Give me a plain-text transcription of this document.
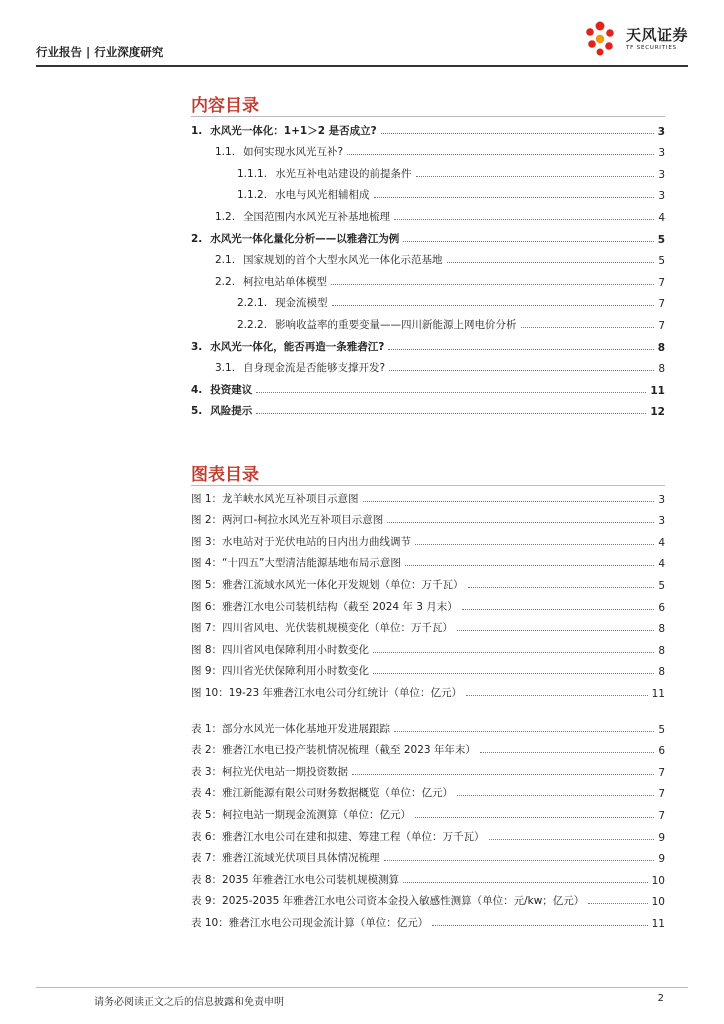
行业报告 | 行业深度研究
天风证券
TF SECURITIES
内容目录
1. 水风光一体化：1+1＞2 是否成立?	3
1.1. 如何实现水风光互补?	3
1.1.1. 水光互补电站建设的前提条件	3
1.1.2. 水电与风光相辅相成	3
1.2. 全国范围内水风光互补基地梳理	4
2. 水风光一体化量化分析——以雅砻江为例	5
2.1. 国家规划的首个大型水风光一体化示范基地	5
2.2. 柯拉电站单体模型	7
2.2.1. 现金流模型	7
2.2.2. 影响收益率的重要变量——四川新能源上网电价分析	7
3. 水风光一体化，能否再造一条雅砻江?	8
3.1. 自身现金流是否能够支撑开发?	8
4. 投资建议	11
5. 风险提示	12
图表目录
图 1：龙羊峡水风光互补项目示意图	3
图 2：两河口-柯拉水风光互补项目示意图	3
图 3：水电站对于光伏电站的日内出力曲线调节	4
图 4：“十四五”大型清洁能源基地布局示意图	4
图 5：雅砻江流域水风光一体化开发规划（单位：万千瓦）	5
图 6：雅砻江水电公司装机结构（截至 2024 年 3 月末）	6
图 7：四川省风电、光伏装机规模变化（单位：万千瓦）	8
图 8：四川省风电保障利用小时数变化	8
图 9：四川省光伏保障利用小时数变化	8
图 10：19-23 年雅砻江水电公司分红统计（单位：亿元）	11
表 1：部分水风光一体化基地开发进展跟踪	5
表 2：雅砻江水电已投产装机情况梳理（截至 2023 年年末）	6
表 3：柯拉光伏电站一期投资数据	7
表 4：雅江新能源有限公司财务数据概览（单位：亿元）	7
表 5：柯拉电站一期现金流测算（单位：亿元）	7
表 6：雅砻江水电公司在建和拟建、筹建工程（单位：万千瓦）	9
表 7：雅砻江流域光伏项目具体情况梳理	9
表 8：2035 年雅砻江水电公司装机规模测算	10
表 9：2025-2035 年雅砻江水电公司资本金投入敏感性测算（单位：元/kw；亿元）	10
表 10：雅砻江水电公司现金流计算（单位：亿元）	11
请务必阅读正文之后的信息披露和免责申明	2
